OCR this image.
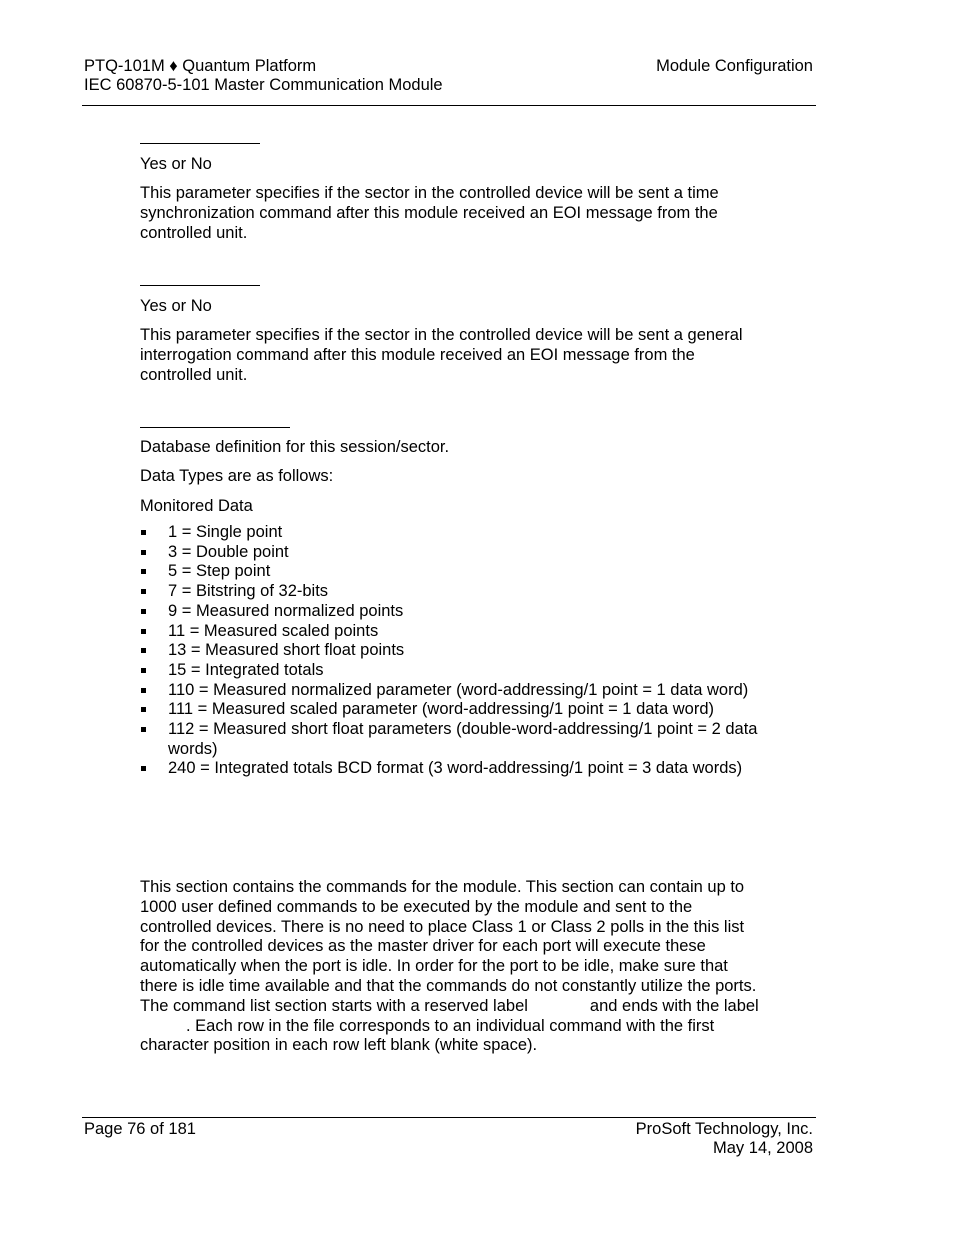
PTQ-101M ♦ Quantum Platform
IEC 60870-5-101 Master Communication Module
Module Configuration
Yes or No
This parameter specifies if the sector in the controlled device will be sent a time synchronization command after this module received an EOI message from the controlled unit.
Yes or No
This parameter specifies if the sector in the controlled device will be sent a general interrogation command after this module received an EOI message from the controlled unit.
Database definition for this session/sector.
Data Types are as follows:
Monitored Data
1 = Single point
3 = Double point
5 = Step point
7 = Bitstring of 32-bits
9 = Measured normalized points
11 = Measured scaled points
13 = Measured short float points
15 = Integrated totals
110 = Measured normalized parameter (word-addressing/1 point = 1 data word)
111 = Measured scaled parameter (word-addressing/1 point = 1 data word)
112 = Measured short float parameters (double-word-addressing/1 point = 2 data words)
240 = Integrated totals BCD format (3 word-addressing/1 point = 3 data words)
This section contains the commands for the module. This section can contain up to 1000 user defined commands to be executed by the module and sent to the controlled devices. There is no need to place Class 1 or Class 2 polls in the this list for the controlled devices as the master driver for each port will execute these automatically when the port is idle. In order for the port to be idle, make sure that there is idle time available and that the commands do not constantly utilize the ports. The command list section starts with a reserved label	and ends with the label. Each row in the file corresponds to an individual command with the first character position in each row left blank (white space).
Page 76 of 181	ProSoft Technology, Inc.
May 14, 2008
